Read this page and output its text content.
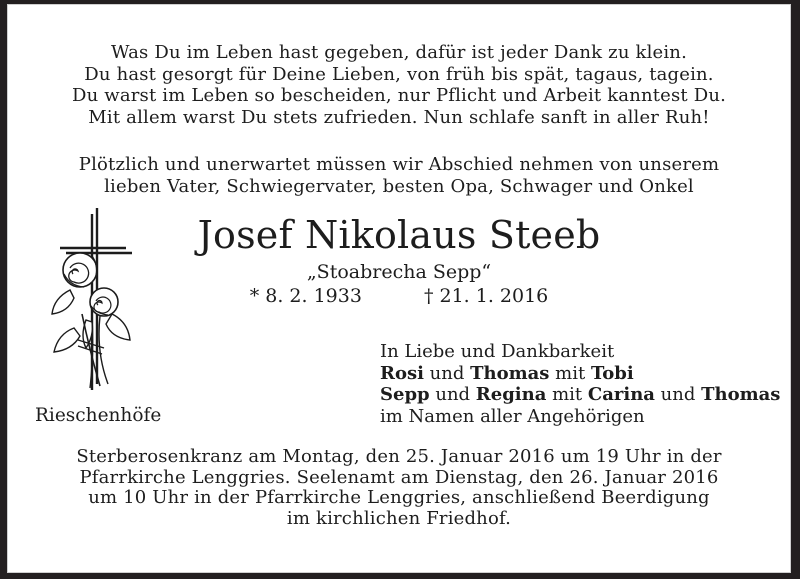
Was Du im Leben hast gegeben, dafür ist jeder Dank zu klein.
Du hast gesorgt für Deine Lieben, von früh bis spät, tagaus, tagein.
Du warst im Leben so bescheiden, nur Pflicht und Arbeit kanntest Du.
Mit allem warst Du stets zufrieden. Nun schlafe sanft in aller Ruh!
Plötzlich und unerwartet müssen wir Abschied nehmen von unserem
lieben Vater, Schwiegervater, besten Opa, Schwager und Onkel
Josef Nikolaus Steeb
„Stoabrecha Sepp“
* 8. 2. 1933	† 21. 1. 2016
In Liebe und Dankbarkeit
Rosi und Thomas mit Tobi
Sepp und Regina mit Carina und Thomas
im Namen aller Angehörigen
Rieschenhöfe
Sterberosenkranz am Montag, den 25. Januar 2016 um 19 Uhr in der
Pfarrkirche Lenggries. Seelenamt am Dienstag, den 26. Januar 2016
um 10 Uhr in der Pfarrkirche Lenggries, anschließend Beerdigung
im kirchlichen Friedhof.
